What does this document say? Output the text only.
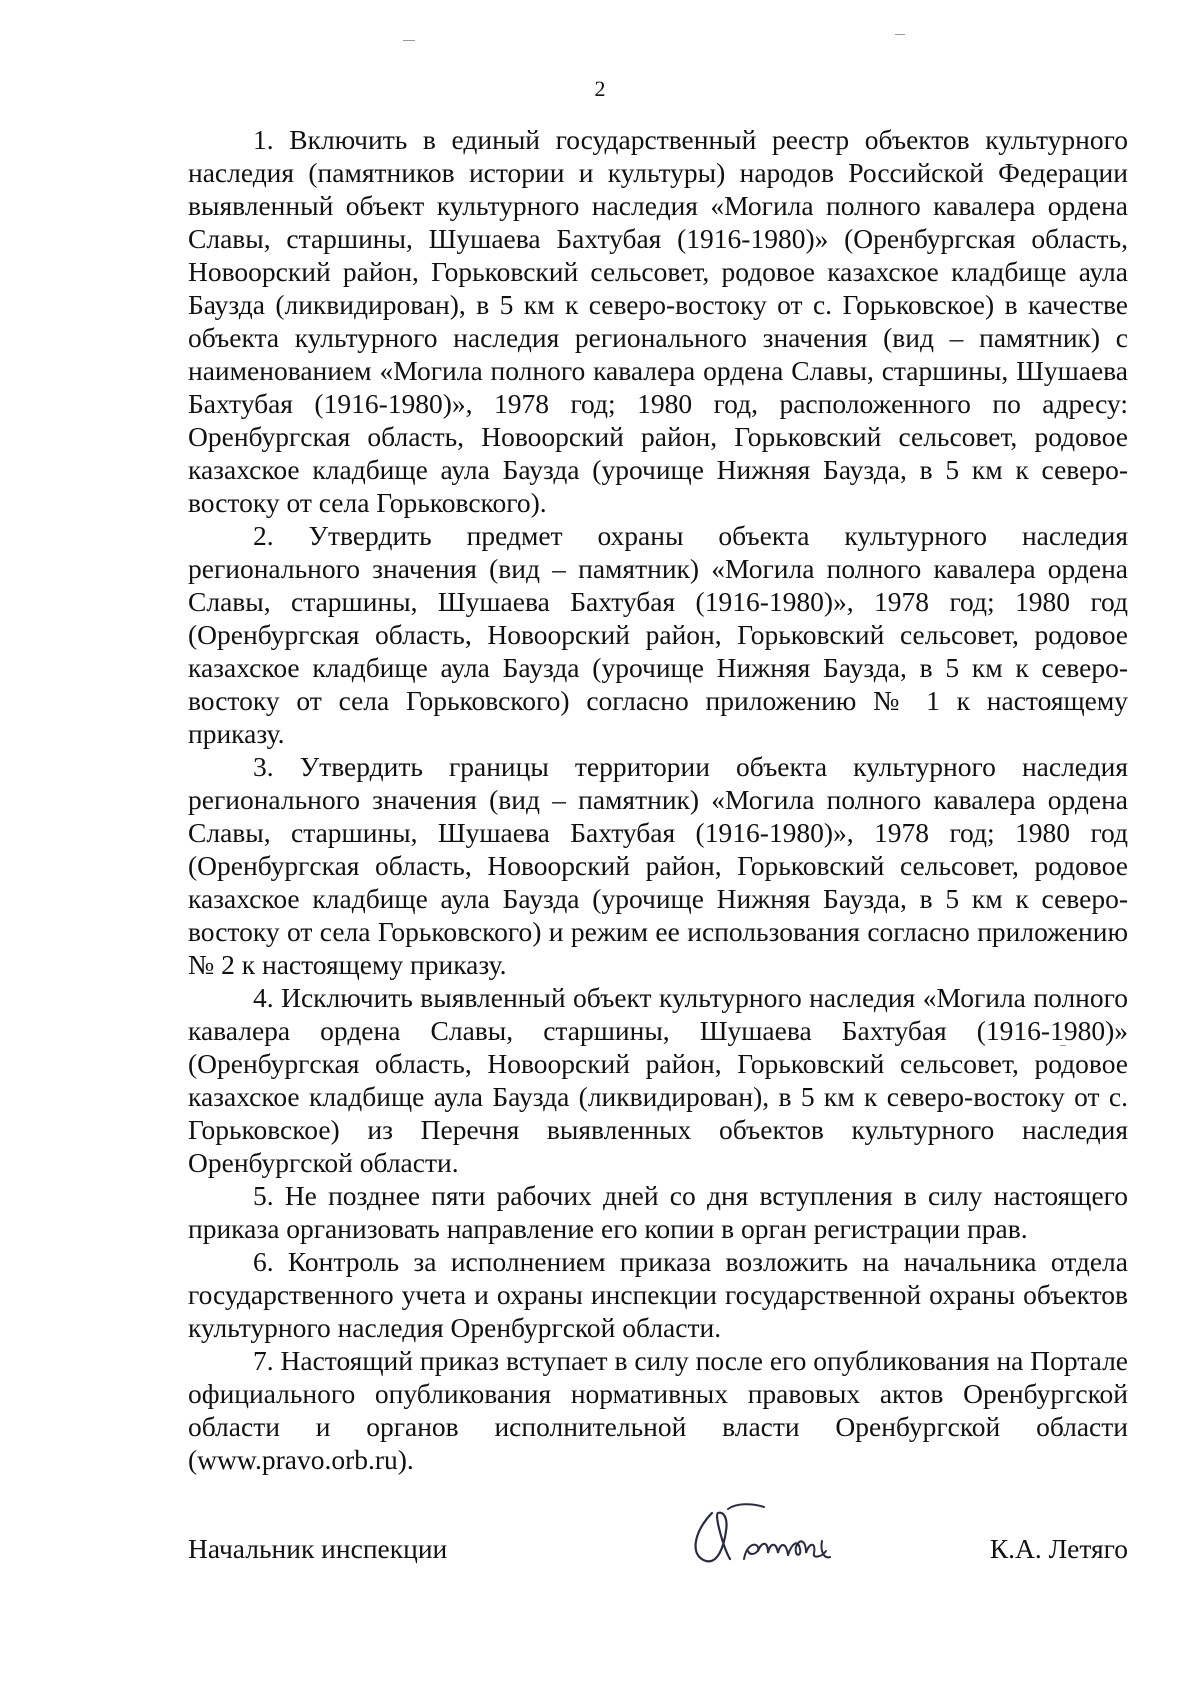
2

1. Включить в единый государственный реестр объектов культурного наследия (памятников истории и культуры) народов Российской Федерации выявленный объект культурного наследия «Могила полного кавалера ордена Славы, старшины, Шушаева Бахтубая (1916-1980)» (Оренбургская область, Новоорский район, Горьковский сельсовет, родовое казахское кладбище аула Баузда (ликвидирован), в 5 км к северо-востоку от с. Горьковское) в качестве объекта культурного наследия регионального значения (вид – памятник) с наименованием «Могила полного кавалера ордена Славы, старшины, Шушаева Бахтубая (1916-1980)», 1978 год; 1980 год, расположенного по адресу: Оренбургская область, Новоорский район, Горьковский сельсовет, родовое казахское кладбище аула Баузда (урочище Нижняя Баузда, в 5 км к северо-востоку от села Горьковского).

2. Утвердить предмет охраны объекта культурного наследия регионального значения (вид – памятник) «Могила полного кавалера ордена Славы, старшины, Шушаева Бахтубая (1916-1980)», 1978 год; 1980 год (Оренбургская область, Новоорский район, Горьковский сельсовет, родовое казахское кладбище аула Баузда (урочище Нижняя Баузда, в 5 км к северо-востоку от села Горьковского) согласно приложению № 1 к настоящему приказу.

3. Утвердить границы территории объекта культурного наследия регионального значения (вид – памятник) «Могила полного кавалера ордена Славы, старшины, Шушаева Бахтубая (1916-1980)», 1978 год; 1980 год (Оренбургская область, Новоорский район, Горьковский сельсовет, родовое казахское кладбище аула Баузда (урочище Нижняя Баузда, в 5 км к северо-востоку от села Горьковского) и режим ее использования согласно приложению № 2 к настоящему приказу.

4. Исключить выявленный объект культурного наследия «Могила полного кавалера ордена Славы, старшины, Шушаева Бахтубая (1916-1980)» (Оренбургская область, Новоорский район, Горьковский сельсовет, родовое казахское кладбище аула Баузда (ликвидирован), в 5 км к северо-востоку от с. Горьковское) из Перечня выявленных объектов культурного наследия Оренбургской области.

5. Не позднее пяти рабочих дней со дня вступления в силу настоящего приказа организовать направление его копии в орган регистрации прав.

6. Контроль за исполнением приказа возложить на начальника отдела государственного учета и охраны инспекции государственной охраны объектов культурного наследия Оренбургской области.

7. Настоящий приказ вступает в силу после его опубликования на Портале официального опубликования нормативных правовых актов Оренбургской области и органов исполнительной власти Оренбургской области (www.pravo.orb.ru).

Начальник инспекции	К.А. Летяго
